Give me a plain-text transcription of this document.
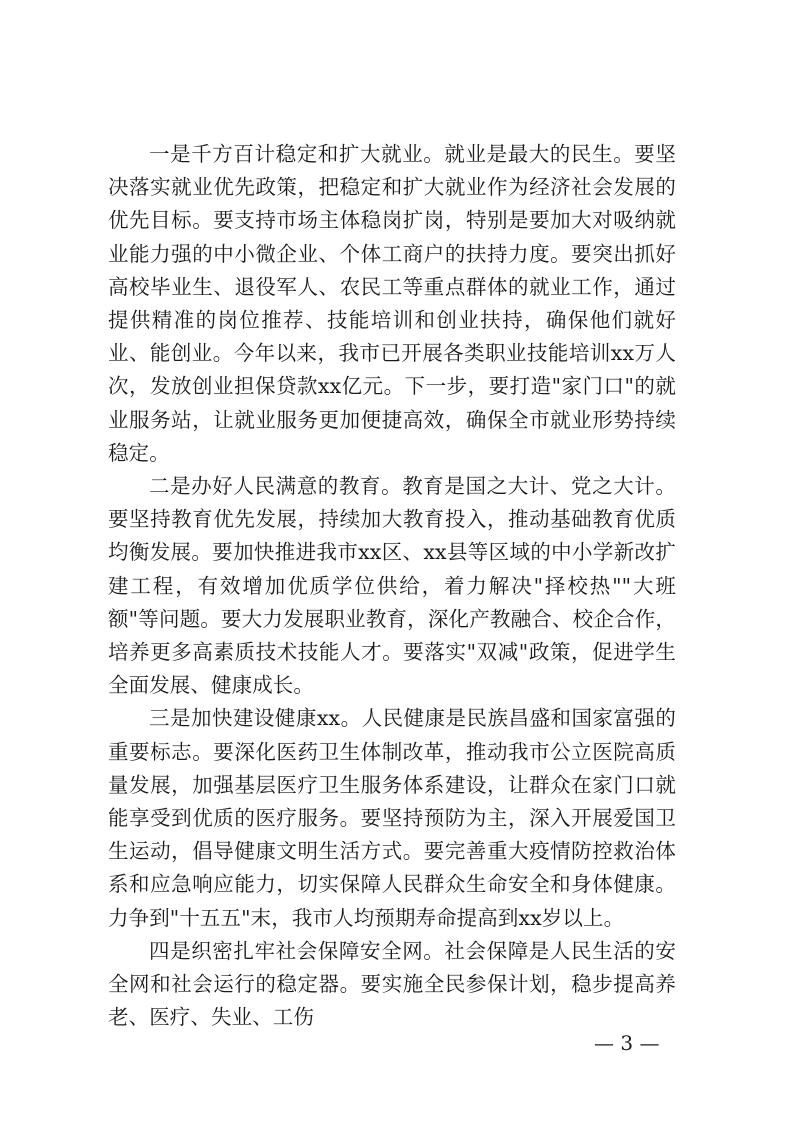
一是千方百计稳定和扩大就业。就业是最大的民生。要坚决落实就业优先政策，把稳定和扩大就业作为经济社会发展的优先目标。要支持市场主体稳岗扩岗，特别是要加大对吸纳就业能力强的中小微企业、个体工商户的扶持力度。要突出抓好高校毕业生、退役军人、农民工等重点群体的就业工作，通过提供精准的岗位推荐、技能培训和创业扶持，确保他们就好业、能创业。今年以来，我市已开展各类职业技能培训xx万人次，发放创业担保贷款xx亿元。下一步，要打造"家门口"的就业服务站，让就业服务更加便捷高效，确保全市就业形势持续稳定。

二是办好人民满意的教育。教育是国之大计、党之大计。要坚持教育优先发展，持续加大教育投入，推动基础教育优质均衡发展。要加快推进我市xx区、xx县等区域的中小学新改扩建工程，有效增加优质学位供给，着力解决"择校热""大班额"等问题。要大力发展职业教育，深化产教融合、校企合作，培养更多高素质技术技能人才。要落实"双减"政策，促进学生全面发展、健康成长。

三是加快建设健康xx。人民健康是民族昌盛和国家富强的重要标志。要深化医药卫生体制改革，推动我市公立医院高质量发展，加强基层医疗卫生服务体系建设，让群众在家门口就能享受到优质的医疗服务。要坚持预防为主，深入开展爱国卫生运动，倡导健康文明生活方式。要完善重大疫情防控救治体系和应急响应能力，切实保障人民群众生命安全和身体健康。力争到"十五五"末，我市人均预期寿命提高到xx岁以上。

四是织密扎牢社会保障安全网。社会保障是人民生活的安全网和社会运行的稳定器。要实施全民参保计划，稳步提高养老、医疗、失业、工伤

— 3 —
